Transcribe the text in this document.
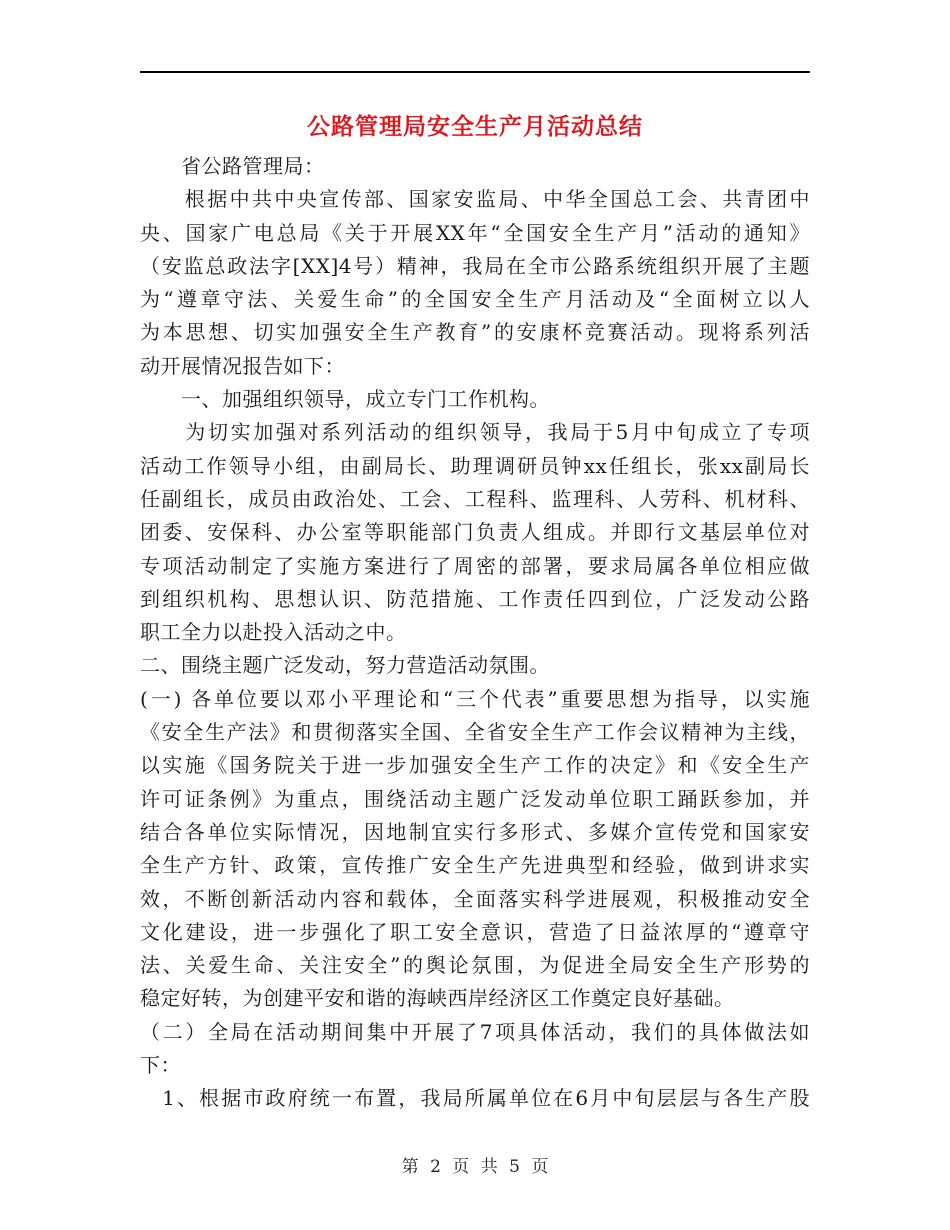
公路管理局安全生产月活动总结
　　省公路管理局：
　　根据中共中央宣传部、国家安监局、中华全国总工会、共青团中
央、国家广电总局《关于开展XX年“全国安全生产月”活动的通知》
（安监总政法字[XX]4号）精神，我局在全市公路系统组织开展了主题
为“遵章守法、关爱生命”的全国安全生产月活动及“全面树立以人
为本思想、切实加强安全生产教育”的安康杯竞赛活动。现将系列活
动开展情况报告如下：
　　一、加强组织领导，成立专门工作机构。
　　为切实加强对系列活动的组织领导，我局于5月中旬成立了专项
活动工作领导小组，由副局长、助理调研员钟xx任组长，张xx副局长
任副组长，成员由政治处、工会、工程科、监理科、人劳科、机材科、
团委、安保科、办公室等职能部门负责人组成。并即行文基层单位对
专项活动制定了实施方案进行了周密的部署，要求局属各单位相应做
到组织机构、思想认识、防范措施、工作责任四到位，广泛发动公路
职工全力以赴投入活动之中。
二、围绕主题广泛发动，努力营造活动氛围。
(一) 各单位要以邓小平理论和“三个代表”重要思想为指导，以实施
《安全生产法》和贯彻落实全国、全省安全生产工作会议精神为主线，
以实施《国务院关于进一步加强安全生产工作的决定》和《安全生产
许可证条例》为重点，围绕活动主题广泛发动单位职工踊跃参加，并
结合各单位实际情况，因地制宜实行多形式、多媒介宣传党和国家安
全生产方针、政策，宣传推广安全生产先进典型和经验，做到讲求实
效，不断创新活动内容和载体，全面落实科学进展观，积极推动安全
文化建设，进一步强化了职工安全意识，营造了日益浓厚的“遵章守
法、关爱生命、关注安全”的舆论氛围，为促进全局安全生产形势的
稳定好转，为创建平安和谐的海峡西岸经济区工作奠定良好基础。
（二）全局在活动期间集中开展了7项具体活动，我们的具体做法如
下：
　1、根据市政府统一布置，我局所属单位在6月中旬层层与各生产股
第 2 页 共 5 页
